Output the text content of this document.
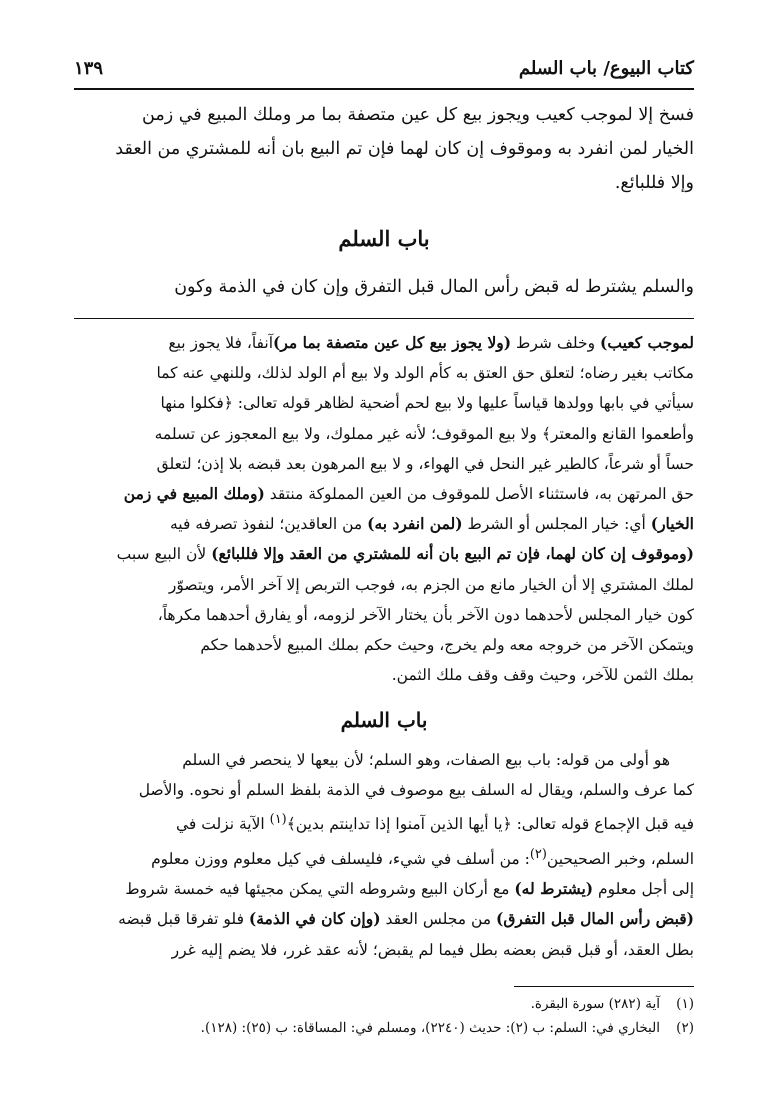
كتاب البيوع/ باب السلم
١٣٩

فسخ إلا لموجب كعيب ويجوز بيع كل عين متصفة بما مر وملك المبيع في زمن

الخيار لمن انفرد به وموقوف إن كان لهما فإن تم البيع بان أنه للمشتري من العقد

وإلا فللبائع.

باب السلم
والسلم يشترط له قبض رأس المال قبل التفرق وإن كان في الذمة وكون

لموجب كعيب) وخلف شرط (ولا يجوز بيع كل عين متصفة بما مر)آنفاً، فلا يجوز بيع

مكاتب بغير رضاه؛ لتعلق حق العتق به كأم الولد ولا بيع أم الولد لذلك، وللنهي عنه كما

سيأتي في بابها وولدها قياساً عليها ولا بيع لحم أضحية لظاهر قوله تعالى: ﴿فكلوا منها

وأطعموا القانع والمعتر﴾ ولا بيع الموقوف؛ لأنه غير مملوك، ولا بيع المعجوز عن تسلمه

حساً أو شرعاً، كالطير غير النحل في الهواء، و لا بيع المرهون بعد قبضه بلا إذن؛ لتعلق

حق المرتهن به، فاستثناء الأصل للموقوف من العين المملوكة منتقد (وملك المبيع في زمن

الخيار) أي: خيار المجلس أو الشرط (لمن انفرد به) من العاقدين؛ لنفوذ تصرفه فيه

(وموقوف إن كان لهما، فإن تم البيع بان أنه للمشتري من العقد وإلا فللبائع) لأن البيع سبب

لملك المشتري إلا أن الخيار مانع من الجزم به، فوجب التربص إلا آخر الأمر، ويتصوّر

كون خيار المجلس لأحدهما دون الآخر بأن يختار الآخر لزومه، أو يفارق أحدهما مكرهاً،

ويتمكن الآخر من خروجه معه ولم يخرج، وحيث حكم بملك المبيع لأحدهما حكم

بملك الثمن للآخر، وحيث وقف وقف ملك الثمن.

باب السلم

هو أولى من قوله: باب بيع الصفات، وهو السلم؛ لأن بيعها لا ينحصر في السلم

كما عرف والسلم، ويقال له السلف بيع موصوف في الذمة بلفظ السلم أو نحوه. والأصل

فيه قبل الإجماع قوله تعالى: ﴿يا أيها الذين آمنوا إذا تداينتم بدين﴾$^{(١)}$ الآية نزلت في

السلم، وخبر الصحيحين$^{(٢)}$: من أسلف في شيء، فليسلف في كيل معلوم ووزن معلوم

إلى أجل معلوم (يشترط له) مع أركان البيع وشروطه التي يمكن مجيئها فيه خمسة شروط

(قبض رأس المال قبل التفرق) من مجلس العقد (وإن كان في الذمة) فلو تفرقا قبل قبضه

بطل العقد، أو قبل قبض بعضه بطل فيما لم يقبض؛ لأنه عقد غرر، فلا يضم إليه غرر

(١)آية (٢٨٢) سورة البقرة.
(٢)البخاري في: السلم: ب (٢): حديث (٢٢٤٠)، ومسلم في: المساقاة: ب (٢٥): (١٢٨).
